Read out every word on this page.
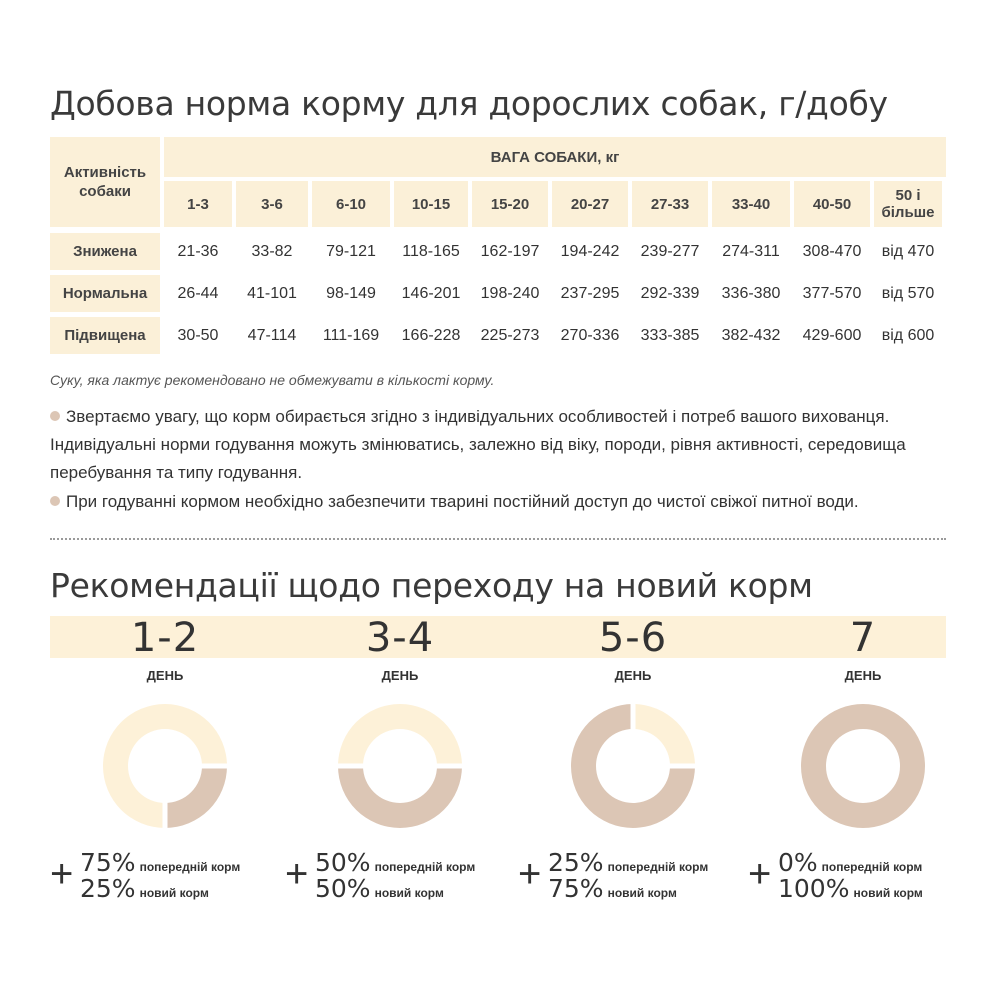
Добова норма корму для дорослих собак, г/добу
Активність собаки
ВАГА СОБАКИ, кг
1-3	3-6	6-10	10-15	15-20	20-27	27-33	33-40	40-50	50 і більше
Знижена	21-36	33-82	79-121	118-165	162-197	194-242	239-277	274-311	308-470	від 470
Нормальна	26-44	41-101	98-149	146-201	198-240	237-295	292-339	336-380	377-570	від 570
Підвищена	30-50	47-114	111-169	166-228	225-273	270-336	333-385	382-432	429-600	від 600

Суку, яка лактує рекомендовано не обмежувати в кількості корму.

Звертаємо увагу, що корм обирається згідно з індивідуальних особливостей і потреб вашого вихованця. Індивідуальні норми годування можуть змінюватись, залежно від віку, породи, рівня активності, середовища перебування та типу годування.

При годуванні кормом необхідно забезпечити тварині постійний доступ до чистої свіжої питної води.

Рекомендації щодо переходу на новий корм
1-2
ДЕНЬ
+ 75% попередній корм
25% новий корм
3-4
ДЕНЬ
+ 50% попередній корм
50% новий корм
5-6
ДЕНЬ
+ 25% попередній корм
75% новий корм
7
ДЕНЬ
+ 0% попередній корм
100% новий корм
